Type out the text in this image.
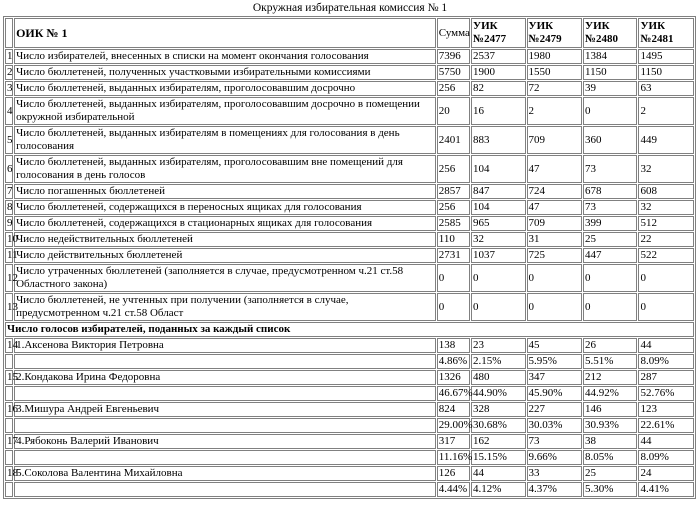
Окружная избирательная комиссия № 1
	ОИК № 1	Сумма	УИК №2477	УИК №2479	УИК №2480	УИК №2481
1	Число избирателей, внесенных в списки на момент окончания голосования	7396	2537	1980	1384	1495
2	Число бюллетеней, полученных участковыми избирательными комиссиями	5750	1900	1550	1150	1150
3	Число бюллетеней, выданных избирателям, проголосовавшим досрочно	256	82	72	39	63
4	Число бюллетеней, выданных избирателям, проголосовавшим досрочно в помещении окружной избирательной	20	16	2	0	2
5	Число бюллетеней, выданных избирателям в помещениях для голосования в день голосования	2401	883	709	360	449
6	Число бюллетеней, выданных избирателям, проголосовавшим вне помещений для голосования в день голосов	256	104	47	73	32
7	Число погашенных бюллетеней	2857	847	724	678	608
8	Число бюллетеней, содержащихся в переносных ящиках для голосования	256	104	47	73	32
9	Число бюллетеней, содержащихся в стационарных ящиках для голосования	2585	965	709	399	512
10	Число недействительных бюллетеней	110	32	31	25	22
11	Число действительных бюллетеней	2731	1037	725	447	522
12	Число утраченных бюллетеней (заполняется в случае, предусмотренном ч.21 ст.58 Областного закона)	0	0	0	0	0
13	Число бюллетеней, не учтенных при получении (заполняется в случае, предусмотренном ч.21 ст.58 Област	0	0	0	0	0
Число голосов избирателей, поданных за каждый список						
14	1.Аксенова Виктория Петровна	138	23	45	26	44
		4.86%	2.15%	5.95%	5.51%	8.09%
15	2.Кондакова Ирина Федоровна	1326	480	347	212	287
		46.67%	44.90%	45.90%	44.92%	52.76%
16	3.Мишура Андрей Евгеньевич	824	328	227	146	123
		29.00%	30.68%	30.03%	30.93%	22.61%
17	4.Рябоконь Валерий Иванович	317	162	73	38	44
		11.16%	15.15%	9.66%	8.05%	8.09%
18	5.Соколова Валентина Михайловна	126	44	33	25	24
		4.44%	4.12%	4.37%	5.30%	4.41%
